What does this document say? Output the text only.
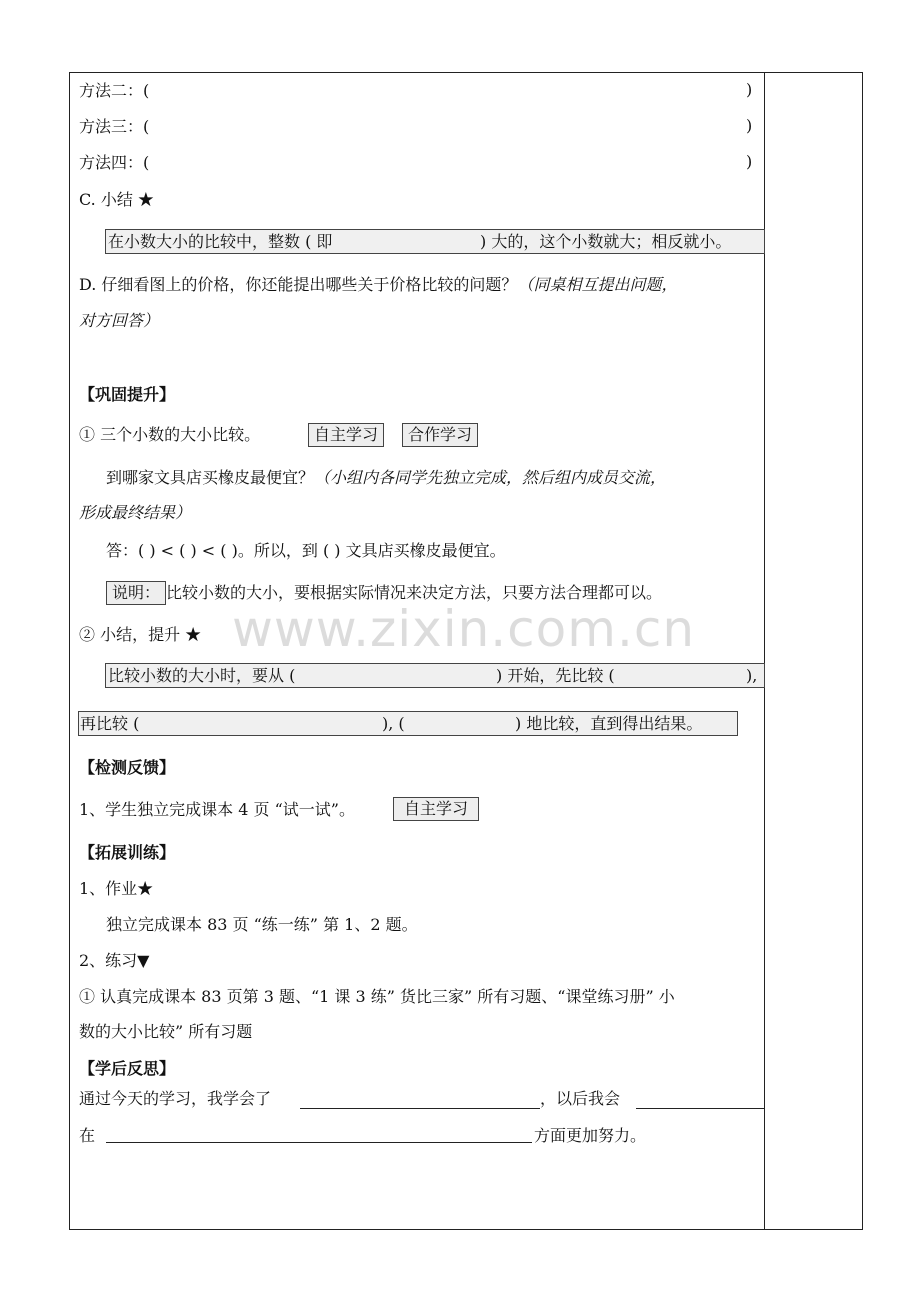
方法二：(	)
方法三：(	)
方法四：(	)
C. 小结 ★
在小数大小的比较中，整数 ( 即	) 大的，这个小数就大；相反就小。
D. 仔细看图上的价格，你还能提出哪些关于价格比较的问题？（同桌相互提出问题，
对方回答）
【巩固提升】
① 三个小数的大小比较。	自主学习	合作学习
到哪家文具店买橡皮最便宜？（小组内各同学先独立完成，然后组内成员交流，
形成最终结果）
答：( ) < ( ) < ( )。所以，到 ( ) 文具店买橡皮最便宜。
说明： 比较小数的大小，要根据实际情况来决定方法，只要方法合理都可以。
② 小结，提升 ★
比较小数的大小时，要从 (	) 开始，先比较 (	),
再比较 (	), (	) 地比较，直到得出结果。
【检测反馈】
1、学生独立完成课本 4 页 “试一试”。	自主学习
【拓展训练】
1、作业★
独立完成课本 83 页 “练一练” 第 1、2 题。
2、练习▼
① 认真完成课本 83 页第 3 题、“1 课 3 练” 货比三家” 所有习题、“课堂练习册” 小
数的大小比较” 所有习题
【学后反思】
通过今天的学习，我学会了	，以后我会
在	方面更加努力。
www.zixin.com.cn
